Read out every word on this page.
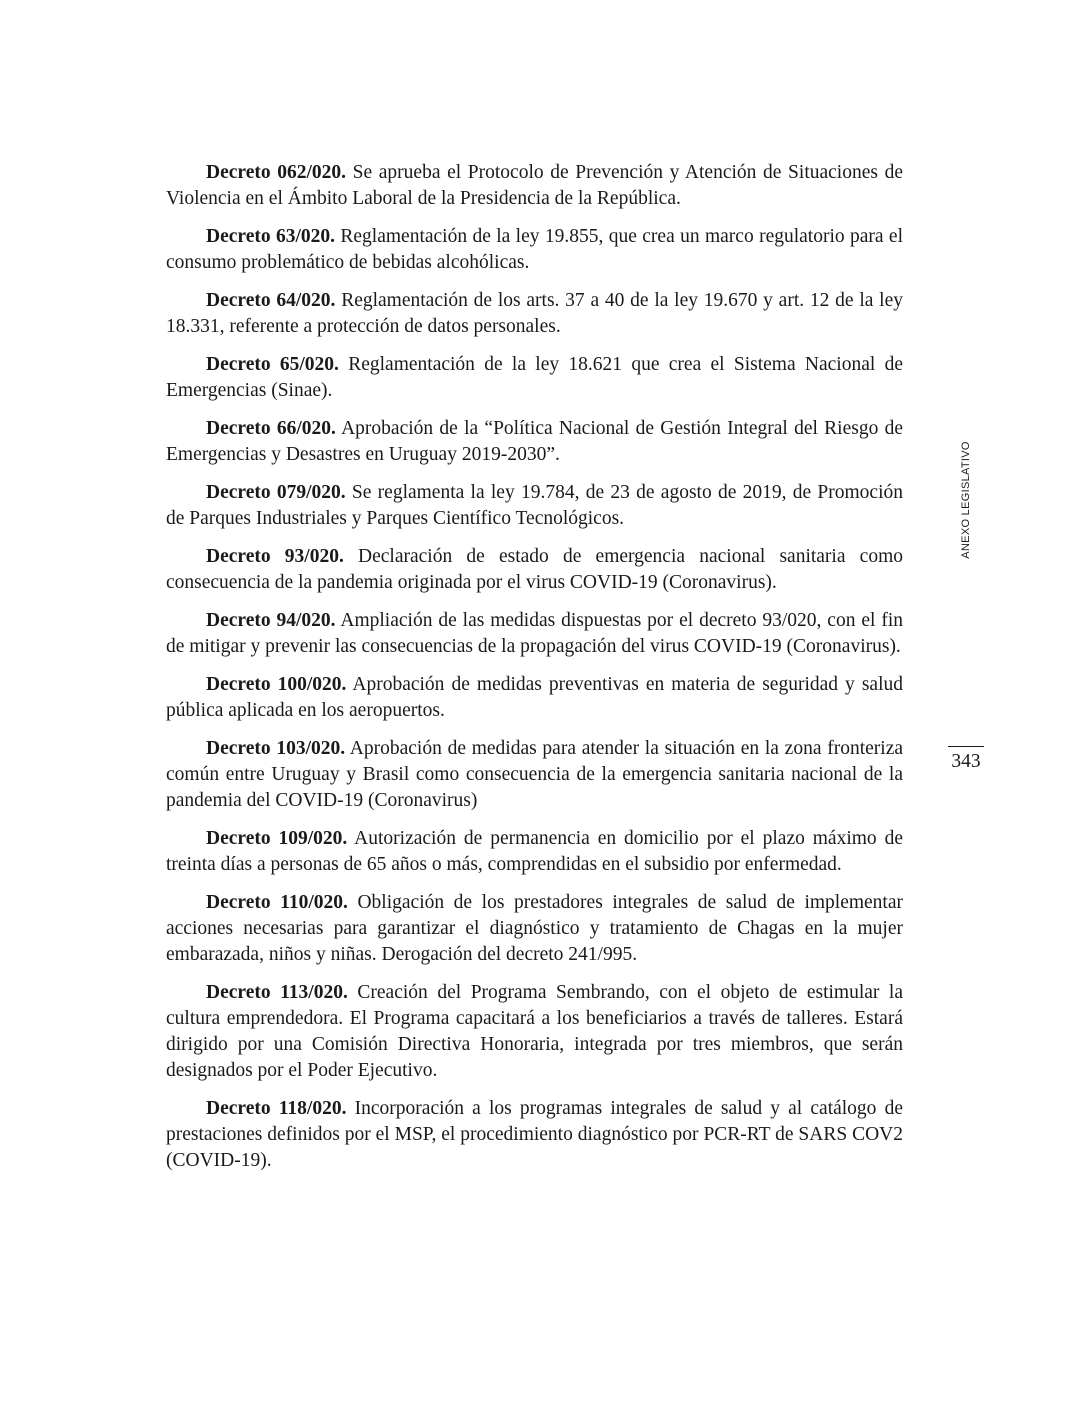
Decreto 062/020. Se aprueba el Protocolo de Prevención y Atención de Situaciones de Violencia en el Ámbito Laboral de la Presidencia de la República.

Decreto 63/020. Reglamentación de la ley 19.855, que crea un marco regulatorio para el consumo problemático de bebidas alcohólicas.

Decreto 64/020. Reglamentación de los arts. 37 a 40 de la ley 19.670 y art. 12 de la ley 18.331, referente a protección de datos personales.

Decreto 65/020. Reglamentación de la ley 18.621 que crea el Sistema Nacional de Emergencias (Sinae).

Decreto 66/020. Aprobación de la “Política Nacional de Gestión Integral del Riesgo de Emergencias y Desastres en Uruguay 2019-2030”.

Decreto 079/020. Se reglamenta la ley 19.784, de 23 de agosto de 2019, de Promoción de Parques Industriales y Parques Científico Tecnológicos.

Decreto 93/020. Declaración de estado de emergencia nacional sanitaria como consecuencia de la pandemia originada por el virus COVID-19 (Coronavirus).

Decreto 94/020. Ampliación de las medidas dispuestas por el decreto 93/020, con el fin de mitigar y prevenir las consecuencias de la propagación del virus COVID-19 (Coronavirus).

Decreto 100/020. Aprobación de medidas preventivas en materia de seguridad y salud pública aplicada en los aeropuertos.

Decreto 103/020. Aprobación de medidas para atender la situación en la zona fronteriza común entre Uruguay y Brasil como consecuencia de la emergencia sanitaria nacional de la pandemia del COVID-19 (Coronavirus)

Decreto 109/020. Autorización de permanencia en domicilio por el plazo máximo de treinta días a personas de 65 años o más, comprendidas en el subsidio por enfermedad.

Decreto 110/020. Obligación de los prestadores integrales de salud de implementar acciones necesarias para garantizar el diagnóstico y tratamiento de Chagas en la mujer embarazada, niños y niñas. Derogación del decreto 241/995.

Decreto 113/020. Creación del Programa Sembrando, con el objeto de estimular la cultura emprendedora. El Programa capacitará a los beneficiarios a través de talleres. Estará dirigido por una Comisión Directiva Honoraria, integrada por tres miembros, que serán designados por el Poder Ejecutivo.

Decreto 118/020. Incorporación a los programas integrales de salud y al catálogo de prestaciones definidos por el MSP, el procedimiento diagnóstico por PCR-RT de SARS COV2 (COVID-19).

ANEXO LEGISLATIVO
343
